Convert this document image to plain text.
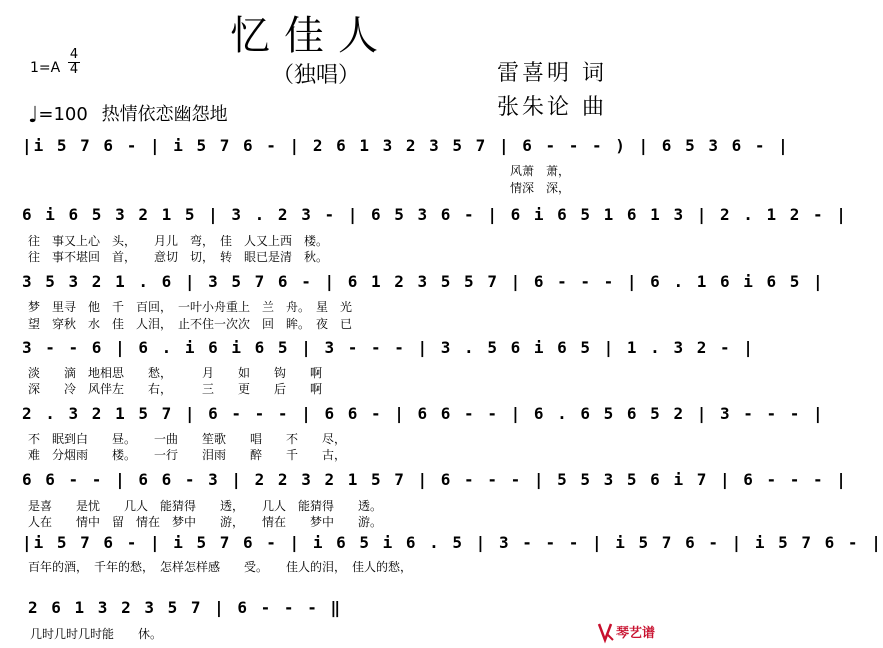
忆佳人
（独唱）
1=A
4
4
♩=100 热情依恋幽怨地
雷喜明 词
张朱论 曲
|i 5 7 6 - | i 5 7 6 - | 2 6 1 3 2 3 5 7 | 6 - - - ) | 6 5 3 6 - |
风萧　萧，
情深　深，
6 i 6 5 3 2 1 5 | 3 . 2 3 - | 6 5 3 6 - | 6 i 6 5 1 6 1 3 | 2 . 1 2 - |
往　事又上心　头，　　月儿　弯，　佳　人又上西　楼。
往　事不堪回　首，　　意切　切，　转　眼已是清　秋。
3 5 3 2 1 . 6 | 3 5 7 6 - | 6 1 2 3 5 5 7 | 6 - - - | 6 . 1 6 i 6 5 |
梦　里寻　他　千　百回，　一叶小舟重上　兰　舟。　星　光
望　穿秋　水　佳　人泪，　止不住一次次　回　眸。　夜　已
3 - - 6 | 6 . i 6 i 6 5 | 3 - - - | 3 . 5 6 i 6 5 | 1 . 3 2 - |
淡　　滴　地相思　　愁，　　　月　　如　　钩　　啊
深　　冷　风伴左　　右，　　　三　　更　　后　　啊
2 . 3 2 1 5 7 | 6 - - - | 6 6 - | 6 6 - - | 6 . 6 5 6 5 2 | 3 - - - |
不　眠到白　　昼。　　一曲　　笙歌　　唱　　不　　尽，
难　分烟雨　　楼。　　一行　　泪雨　　醉　　千　　古，
6 6 - - | 6 6 - 3 | 2 2 3 2 1 5 7 | 6 - - - | 5 5 3 5 6 i 7 | 6 - - - |
是喜　　是忧　　几人　能猜得　　透，　　几人　能猜得　　透。
人在　　情中　留　情在　梦中　　游，　　情在　　梦中　　游。
|i 5 7 6 - | i 5 7 6 - | i 6 5 i 6 . 5 | 3 - - - | i 5 7 6 - | i 5 7 6 - |
百年的酒，　千年的愁，　怎样怎样感　　受。　　佳人的泪，　佳人的愁，
2 6 1 3 2 3 5 7 | 6 - - - ‖
几时几时几时能　　休。	琴艺谱
